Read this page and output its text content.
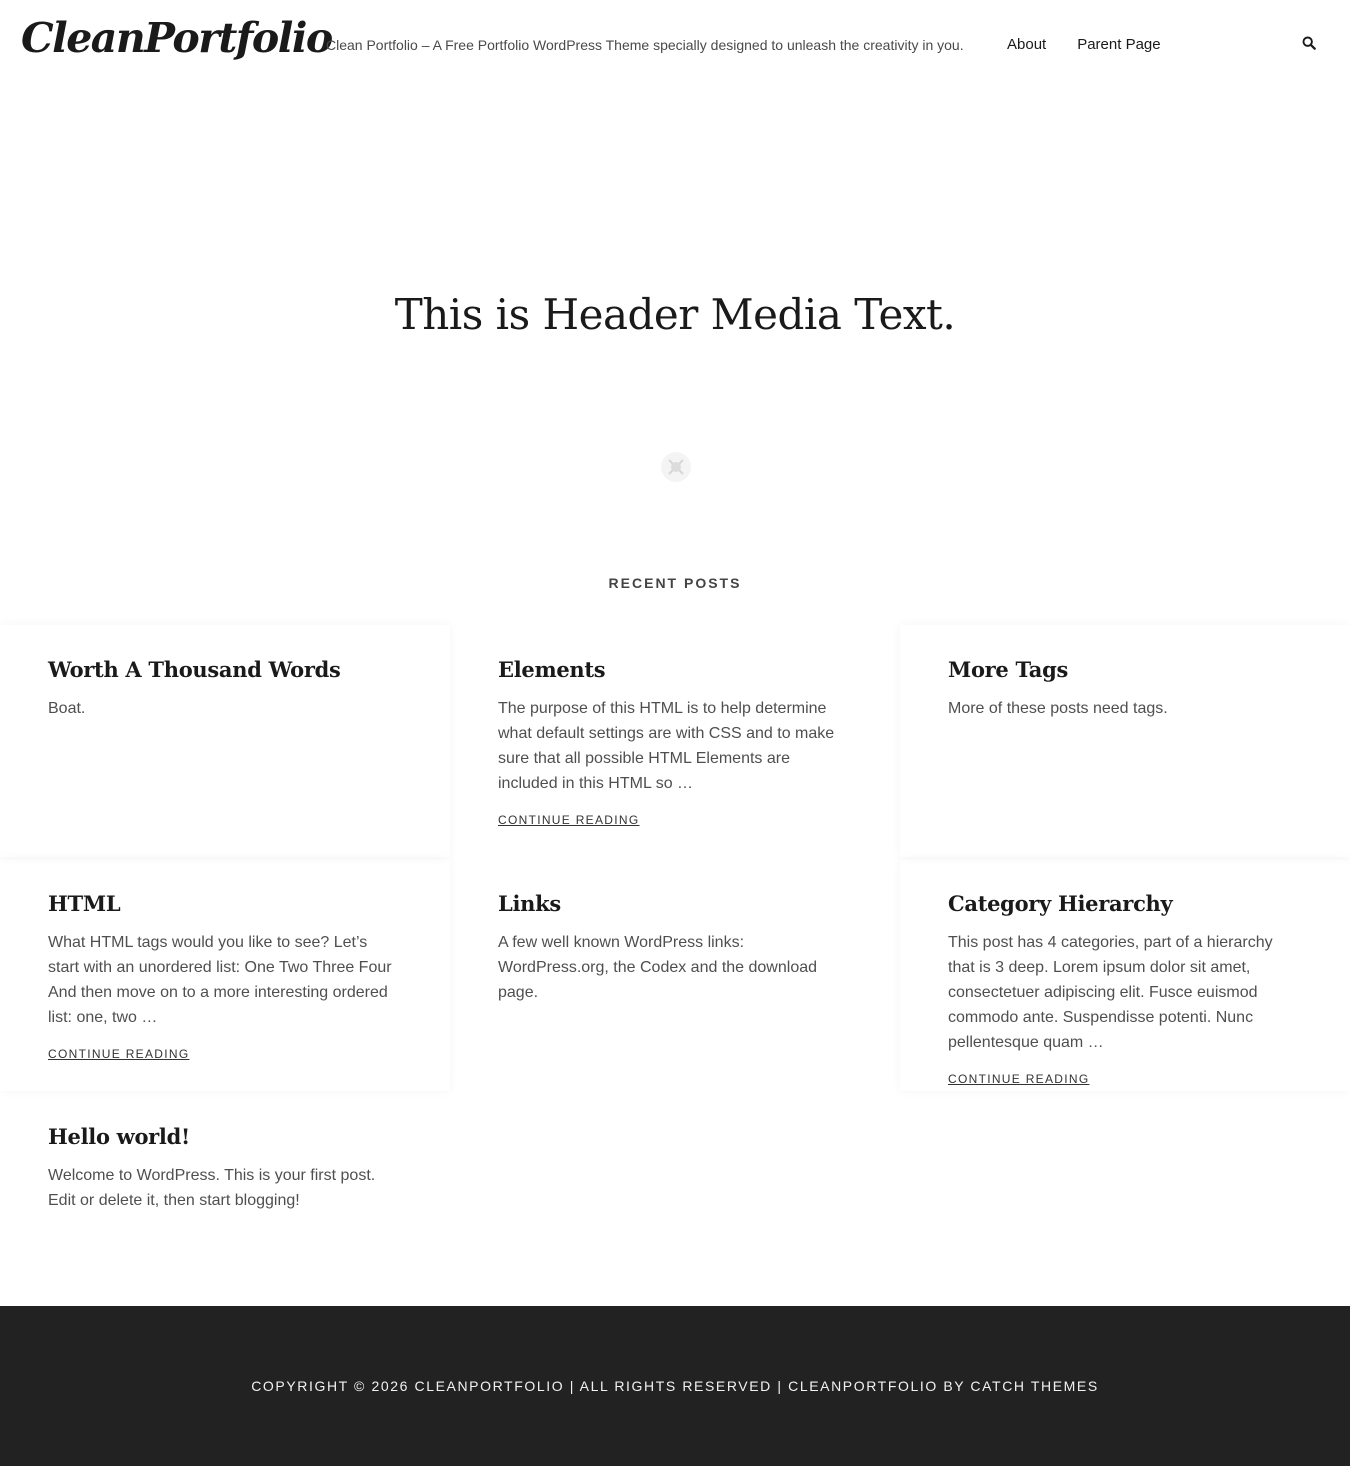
CleanPortfolio
Clean Portfolio – A Free Portfolio WordPress Theme specially designed to unleash the creativity in you.	About Parent Page
This is Header Media Text.
RECENT POSTS
Worth A Thousand Words

Boat.

Elements

The purpose of this HTML is to help determine what default settings are with CSS and to make sure that all possible HTML Elements are included in this HTML so …

CONTINUE READING
More Tags

More of these posts need tags.

HTML

What HTML tags would you like to see? Let’s start with an unordered list: One Two Three Four And then move on to a more interesting ordered list: one, two …

CONTINUE READING
Links

A few well known WordPress links: WordPress.org, the Codex and the download page.

Category Hierarchy

This post has 4 categories, part of a hierarchy that is 3 deep. Lorem ipsum dolor sit amet, consectetuer adipiscing elit. Fusce euismod commodo ante. Suspendisse potenti. Nunc pellentesque quam …

CONTINUE READING
Hello world!

Welcome to WordPress. This is your first post. Edit or delete it, then start blogging!

COPYRIGHT © 2026 CLEANPORTFOLIO | ALL RIGHTS RESERVED | CLEANPORTFOLIO BY CATCH THEMES
